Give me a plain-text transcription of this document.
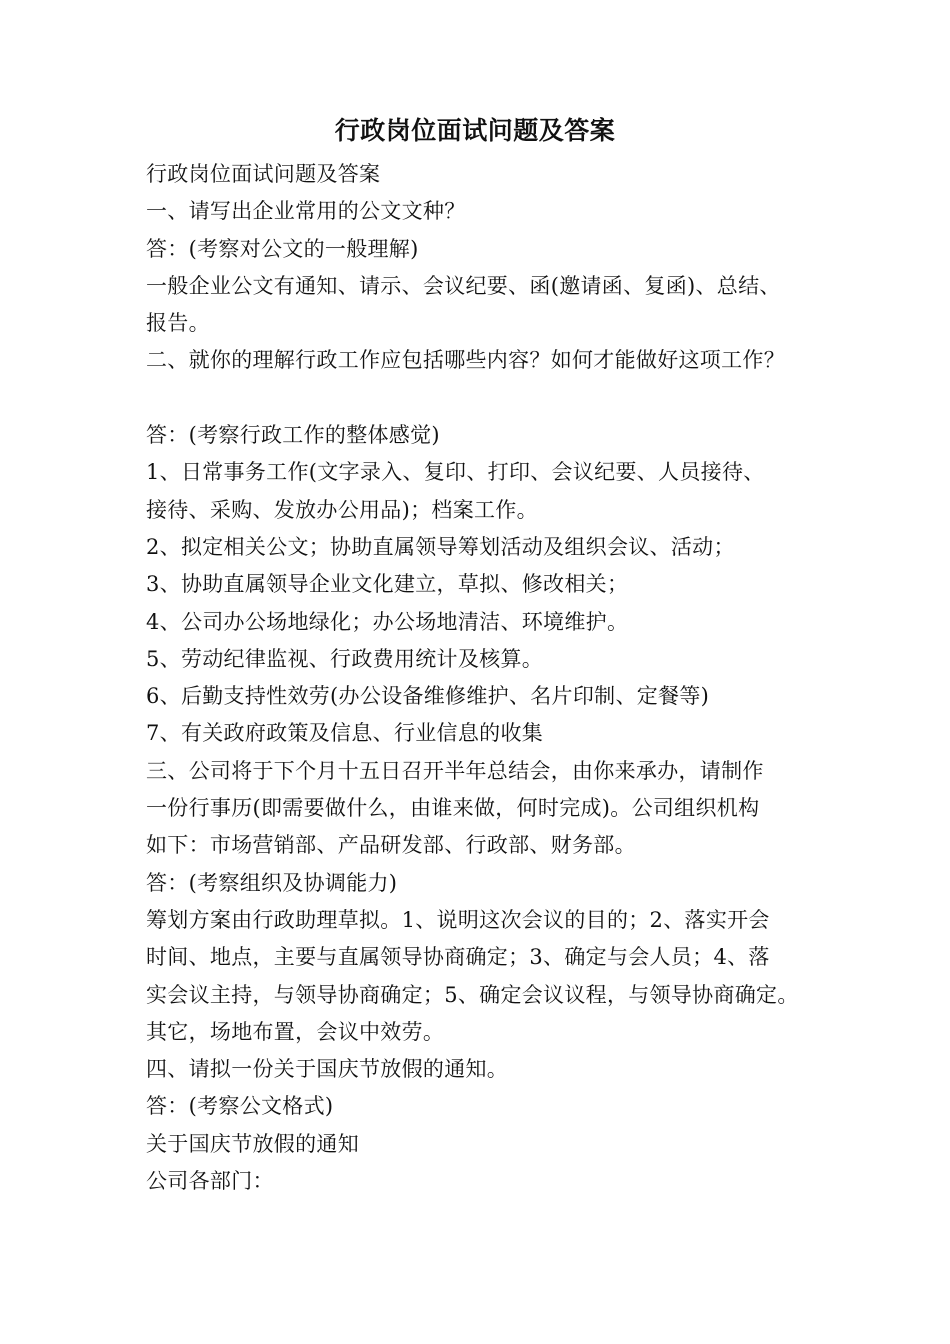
行政岗位面试问题及答案
行政岗位面试问题及答案
一、请写出企业常用的公文文种？
答：(考察对公文的一般理解)
一般企业公文有通知、请示、会议纪要、函(邀请函、复函)、总结、
报告。
二、就你的理解行政工作应包括哪些内容？如何才能做好这项工作？
答：(考察行政工作的整体感觉)
1、日常事务工作(文字录入、复印、打印、会议纪要、人员接待、
接待、采购、发放办公用品)；档案工作。
2、拟定相关公文；协助直属领导筹划活动及组织会议、活动；
3、协助直属领导企业文化建立，草拟、修改相关；
4、公司办公场地绿化；办公场地清洁、环境维护。
5、劳动纪律监视、行政费用统计及核算。
6、后勤支持性效劳(办公设备维修维护、名片印制、定餐等)
7、有关政府政策及信息、行业信息的收集
三、公司将于下个月十五日召开半年总结会，由你来承办，请制作
一份行事历(即需要做什么，由谁来做，何时完成)。公司组织机构
如下：市场营销部、产品研发部、行政部、财务部。
答：(考察组织及协调能力)
筹划方案由行政助理草拟。1、说明这次会议的目的；2、落实开会
时间、地点，主要与直属领导协商确定；3、确定与会人员；4、落
实会议主持，与领导协商确定；5、确定会议议程，与领导协商确定。
其它，场地布置，会议中效劳。
四、请拟一份关于国庆节放假的通知。
答：(考察公文格式)
关于国庆节放假的通知
公司各部门：
